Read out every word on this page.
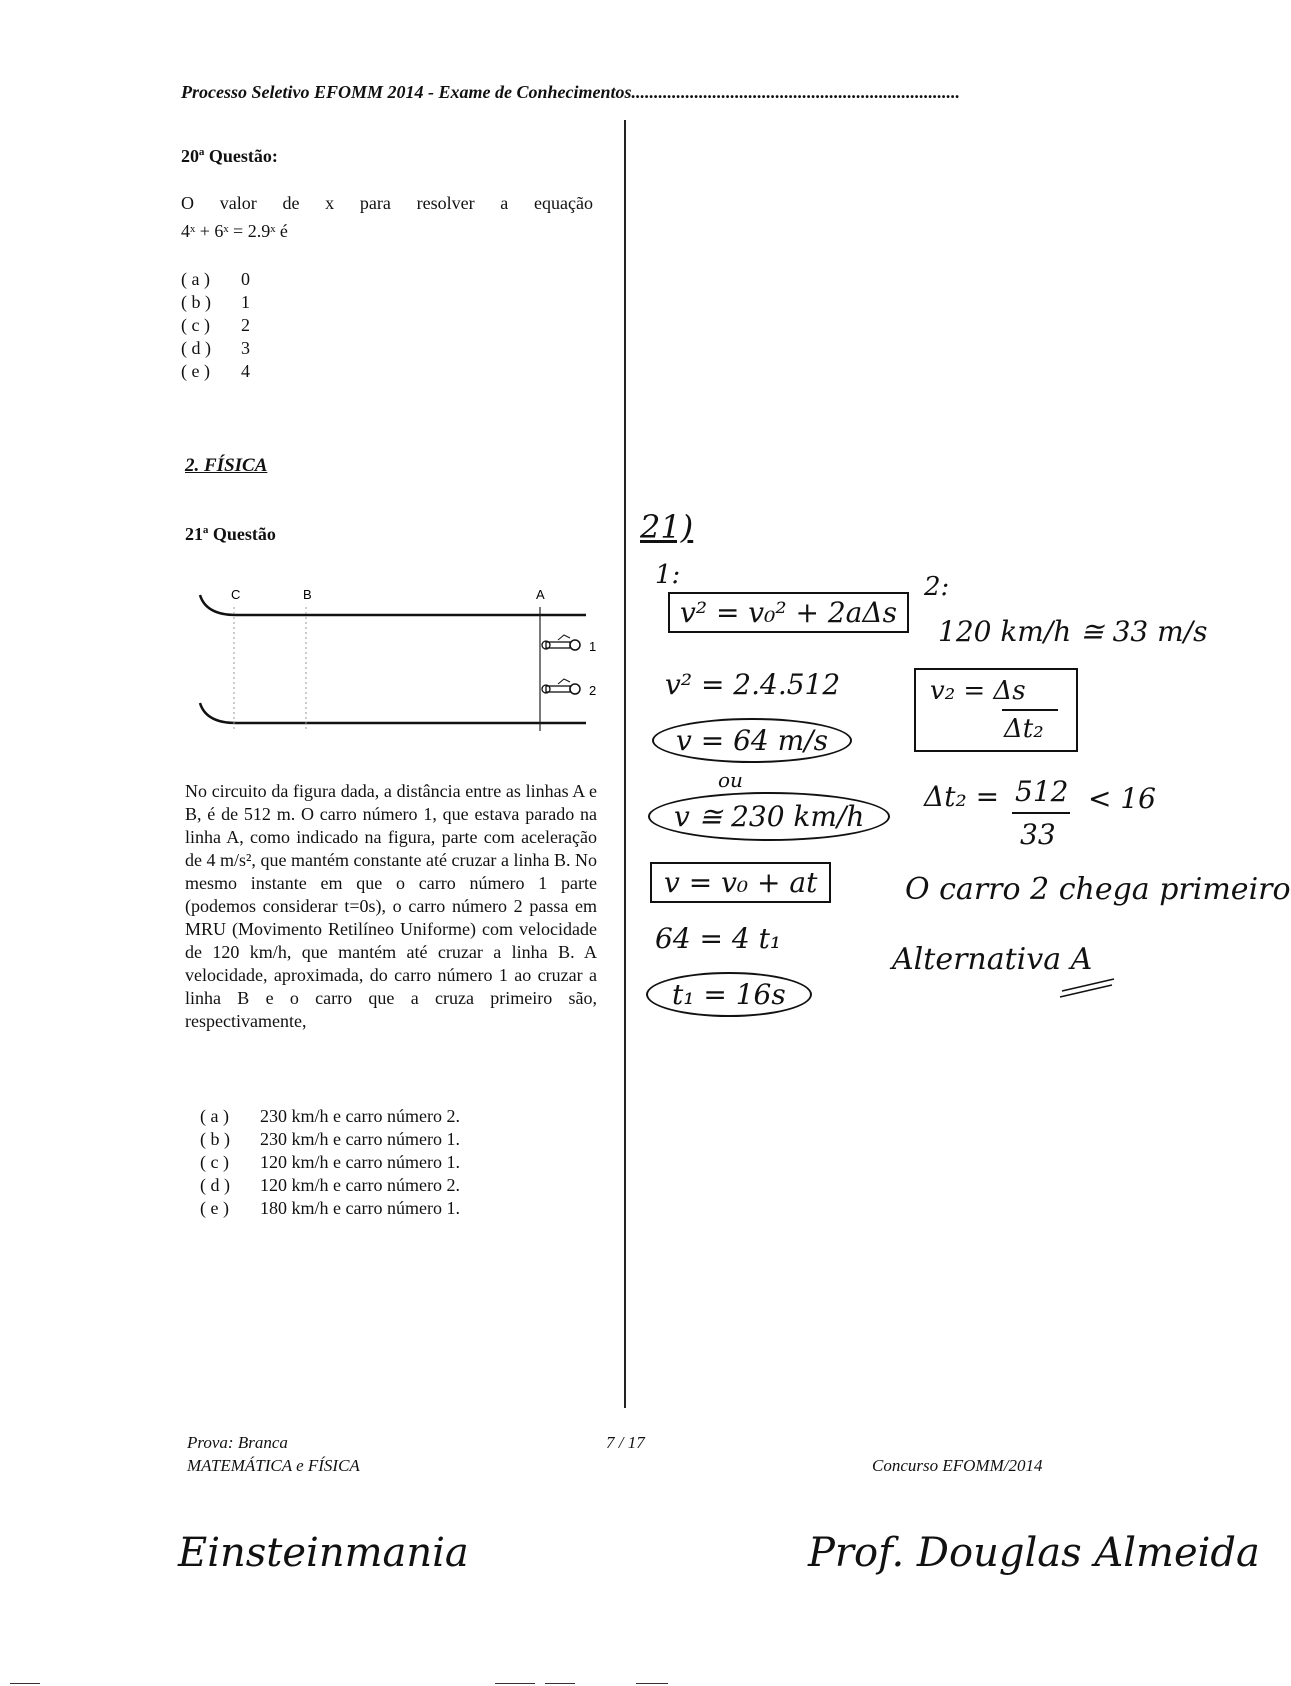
Processo Seletivo EFOMM 2014 - Exame de Conhecimentos.........................................................................
20ª Questão:
O valor de x para resolver a equação
4ˣ + 6ˣ = 2.9ˣ é
( a ) 0
( b ) 1
( c ) 2
( d ) 3
( e ) 4
2. FÍSICA
21ª Questão
C	B	A
1
2
No circuito da figura dada, a distância entre as linhas A e B, é de 512 m. O carro número 1, que estava parado na linha A, como indicado na figura, parte com aceleração de 4 m/s², que mantém constante até cruzar a linha B. No mesmo instante em que o carro número 1 parte (podemos considerar t=0s), o carro número 2 passa em MRU (Movimento Retilíneo Uniforme) com velocidade de 120 km/h, que mantém até cruzar a linha B. A velocidade, aproximada, do carro número 1 ao cruzar a linha B e o carro que a cruza primeiro são, respectivamente,
( a ) 230 km/h e carro número 2.
( b ) 230 km/h e carro número 1.
( c ) 120 km/h e carro número 1.
( d ) 120 km/h e carro número 2.
( e ) 180 km/h e carro número 1.
21)
1:
v² = v₀² + 2aΔs
v² = 2.4.512
v = 64 m/s
ou
v ≅ 230 km/h
v = v₀ + at
64 = 4 t₁
t₁ = 16s
2:
120 km/h ≅ 33 m/s
v₂ = Δs
Δt₂
Δt₂ = 512
33
< 16
O carro 2 chega primeiro
Alternativa A
Prova: Branca
MATEMÁTICA e FÍSICA
7 / 17
Concurso EFOMM/2014
Einsteinmania	Prof. Douglas Almeida
